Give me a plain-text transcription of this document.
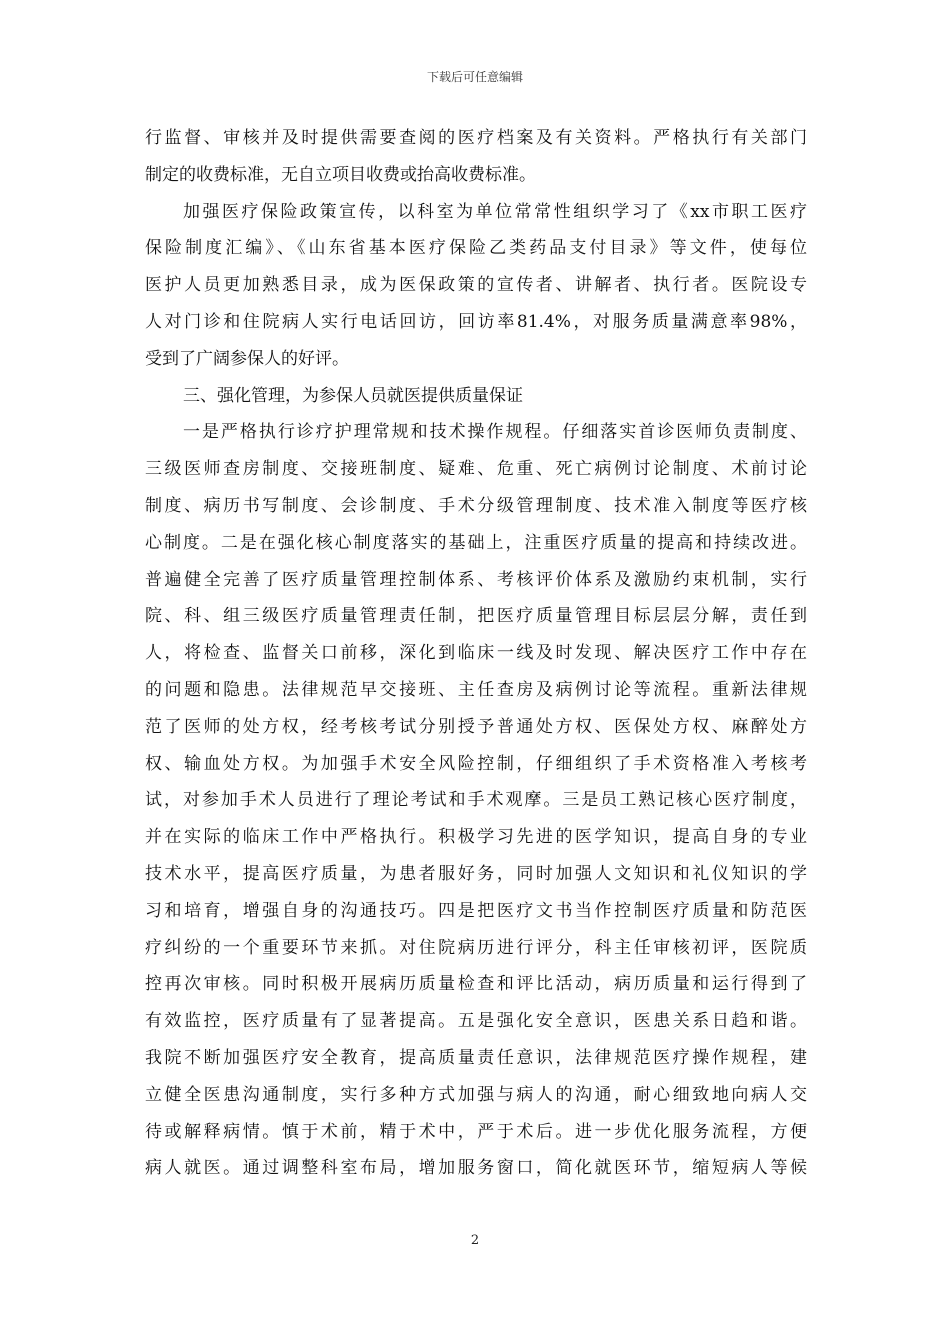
下载后可任意编辑
行监督、审核并及时提供需要查阅的医疗档案及有关资料。严格执行有关部门
制定的收费标准，无自立项目收费或抬高收费标准。
加强医疗保险政策宣传，以科室为单位常常性组织学习了《xx市职工医疗
保险制度汇编》、《山东省基本医疗保险乙类药品支付目录》等文件，使每位
医护人员更加熟悉目录，成为医保政策的宣传者、讲解者、执行者。医院设专
人对门诊和住院病人实行电话回访，回访率81.4%，对服务质量满意率98%，
受到了广阔参保人的好评。
三、强化管理，为参保人员就医提供质量保证
一是严格执行诊疗护理常规和技术操作规程。仔细落实首诊医师负责制度、
三级医师查房制度、交接班制度、疑难、危重、死亡病例讨论制度、术前讨论
制度、病历书写制度、会诊制度、手术分级管理制度、技术准入制度等医疗核
心制度。二是在强化核心制度落实的基础上，注重医疗质量的提高和持续改进。
普遍健全完善了医疗质量管理控制体系、考核评价体系及激励约束机制，实行
院、科、组三级医疗质量管理责任制，把医疗质量管理目标层层分解，责任到
人，将检查、监督关口前移，深化到临床一线及时发现、解决医疗工作中存在
的问题和隐患。法律规范早交接班、主任查房及病例讨论等流程。重新法律规
范了医师的处方权，经考核考试分别授予普通处方权、医保处方权、麻醉处方
权、输血处方权。为加强手术安全风险控制，仔细组织了手术资格准入考核考
试，对参加手术人员进行了理论考试和手术观摩。三是员工熟记核心医疗制度，
并在实际的临床工作中严格执行。积极学习先进的医学知识，提高自身的专业
技术水平，提高医疗质量，为患者服好务，同时加强人文知识和礼仪知识的学
习和培育，增强自身的沟通技巧。四是把医疗文书当作控制医疗质量和防范医
疗纠纷的一个重要环节来抓。对住院病历进行评分，科主任审核初评，医院质
控再次审核。同时积极开展病历质量检查和评比活动，病历质量和运行得到了
有效监控，医疗质量有了显著提高。五是强化安全意识，医患关系日趋和谐。
我院不断加强医疗安全教育，提高质量责任意识，法律规范医疗操作规程，建
立健全医患沟通制度，实行多种方式加强与病人的沟通，耐心细致地向病人交
待或解释病情。慎于术前，精于术中，严于术后。进一步优化服务流程，方便
病人就医。通过调整科室布局，增加服务窗口，简化就医环节，缩短病人等候
2
